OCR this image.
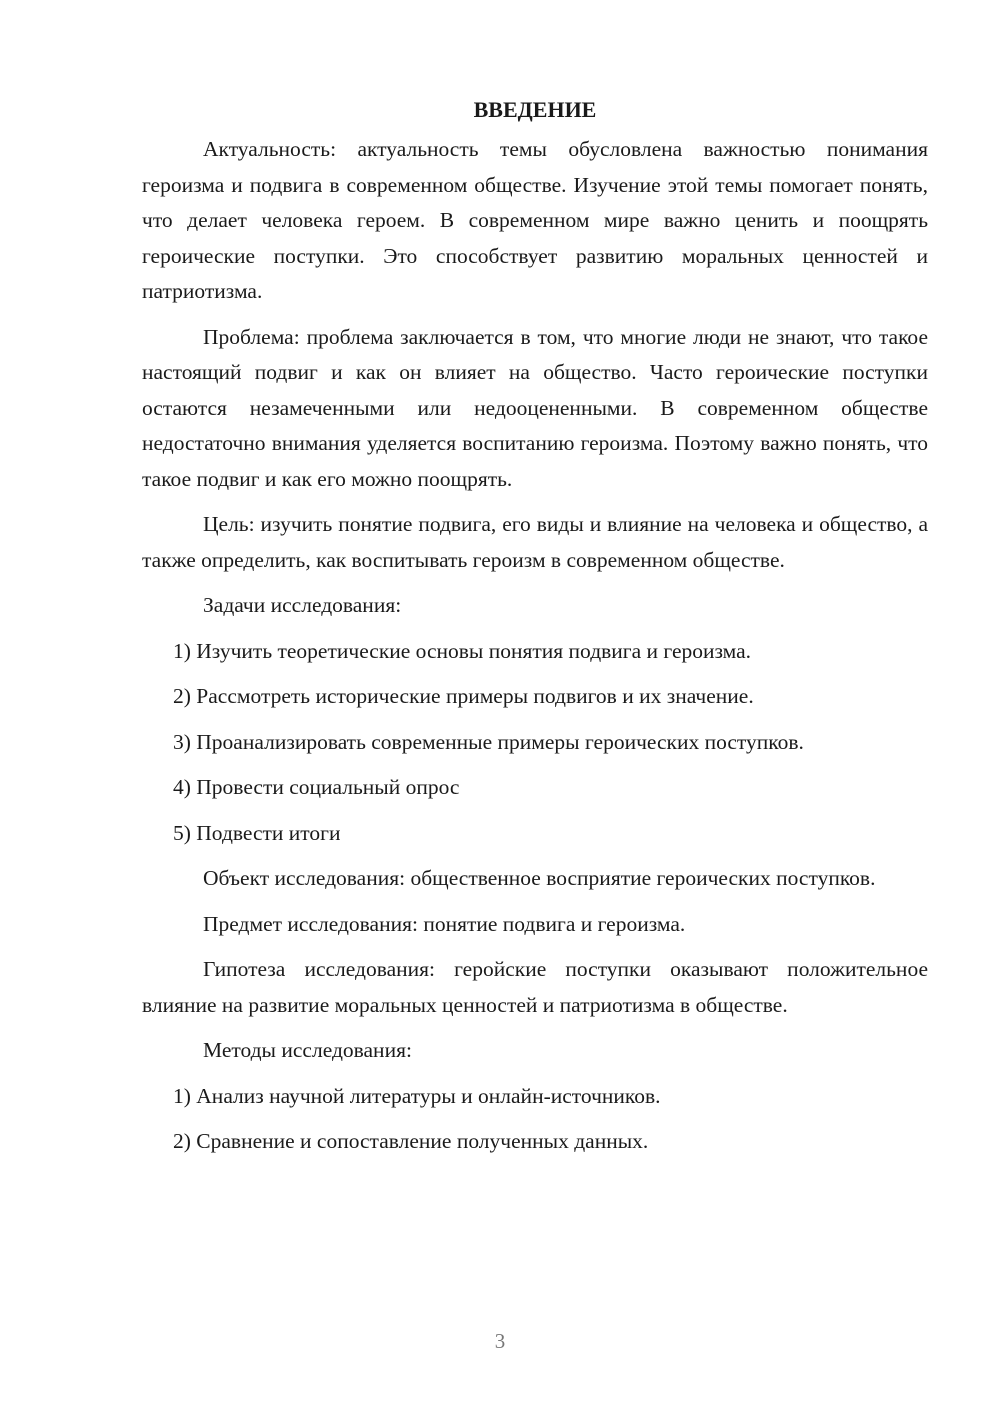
ВВЕДЕНИЕ

Актуальность: актуальность темы обусловлена важностью понимания героизма и подвига в современном обществе. Изучение этой темы помогает понять, что делает человека героем. В современном мире важно ценить и поощрять героические поступки. Это способствует развитию моральных ценностей и патриотизма.

Проблема: проблема заключается в том, что многие люди не знают, что такое настоящий подвиг и как он влияет на общество. Часто героические поступки остаются незамеченными или недооцененными. В современном обществе недостаточно внимания уделяется воспитанию героизма. Поэтому важно понять, что такое подвиг и как его можно поощрять.

Цель: изучить понятие подвига, его виды и влияние на человека и общество, а также определить, как воспитывать героизм в современном обществе.

Задачи исследования:

1) Изучить теоретические основы понятия подвига и героизма.
2) Рассмотреть исторические примеры подвигов и их значение.
3) Проанализировать современные примеры героических поступков.
4) Провести социальный опрос
5) Подвести итоги

Объект исследования: общественное восприятие героических поступков.

Предмет исследования: понятие подвига и героизма.

Гипотеза исследования: геройские поступки оказывают положительное влияние на развитие моральных ценностей и патриотизма в обществе.

Методы исследования:

1) Анализ научной литературы и онлайн-источников.
2) Сравнение и сопоставление полученных данных.
3
